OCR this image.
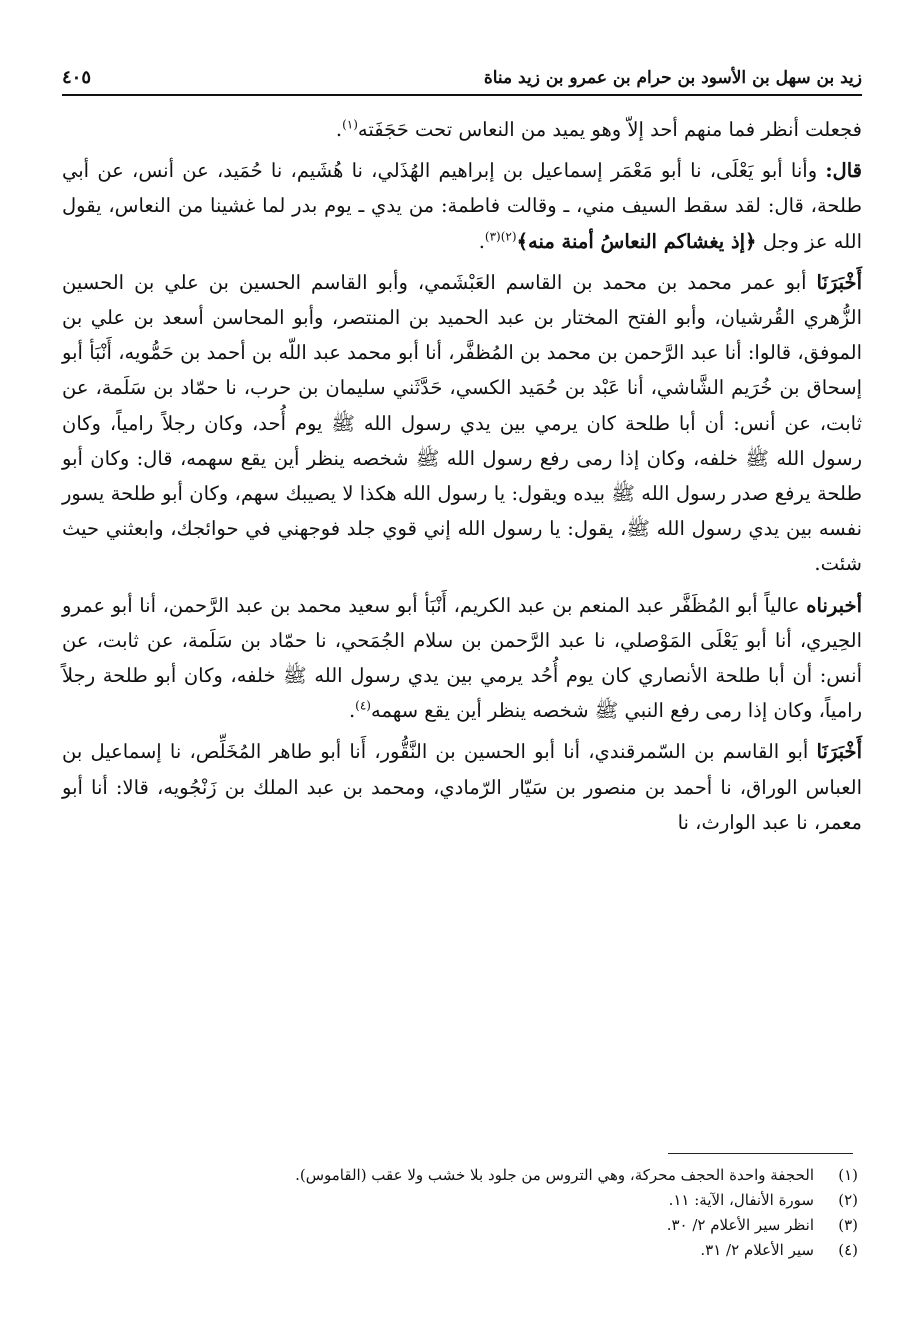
زيد بن سهل بن الأسود بن حرام بن عمرو بن زيد مناة
٤٠٥

فجعلت أنظر فما منهم أحد إلاّ وهو يميد من النعاس تحت حَجَفَته$^{(١)}$.

قال: وأنا أبو يَعْلَى، نا أبو مَعْمَر إسماعيل بن إبراهيم الهُذَلي، نا هُشَيم، نا حُمَيد، عن أنس، عن أبي طلحة، قال: لقد سقط السيف مني، ـ وقالت فاطمة: من يدي ـ يوم بدر لما غشينا من النعاس، يقول الله عز وجل ﴿إذ يغشاكم النعاسُ أمنة منه﴾$^{(٢)(٣)}$.

أَخْبَرَنَا أبو عمر محمد بن محمد بن القاسم العَبْشَمي، وأبو القاسم الحسين بن علي بن الحسين الزُّهري القُرشيان، وأبو الفتح المختار بن عبد الحميد بن المنتصر، وأبو المحاسن أسعد بن علي بن الموفق، قالوا: أنا عبد الرَّحمن بن محمد بن المُظفَّر، أنا أبو محمد عبد اللّه بن أحمد بن حَمُّويه، أَنْبَأ أبو إسحاق بن خُرَيم الشَّاشي، أنا عَبْد بن حُمَيد الكسي، حَدَّثَني سليمان بن حرب، نا حمّاد بن سَلَمة، عن ثابت، عن أنس: أن أبا طلحة كان يرمي بين يدي رسول الله ﷺ يوم أُحد، وكان رجلاً رامياً، وكان رسول الله ﷺ خلفه، وكان إذا رمى رفع رسول الله ﷺ شخصه ينظر أين يقع سهمه، قال: وكان أبو طلحة يرفع صدر رسول الله ﷺ بيده ويقول: يا رسول الله هكذا لا يصيبك سهم، وكان أبو طلحة يسور نفسه بين يدي رسول الله ﷺ، يقول: يا رسول الله إني قوي جلد فوجهني في حوائجك، وابعثني حيث شئت.

أخبرناه عالياً أبو المُظَفَّر عبد المنعم بن عبد الكريم، أَنْبَأ أبو سعيد محمد بن عبد الرَّحمن، أنا أبو عمرو الحِيري، أنا أبو يَعْلَى المَوْصلي، نا عبد الرَّحمن بن سلام الجُمَحي، نا حمّاد بن سَلَمة، عن ثابت، عن أنس: أن أبا طلحة الأنصاري كان يوم أُحُد يرمي بين يدي رسول الله ﷺ خلفه، وكان أبو طلحة رجلاً رامياً، وكان إذا رمى رفع النبي ﷺ شخصه ينظر أين يقع سهمه$^{(٤)}$.

أَخْبَرَنَا أبو القاسم بن السّمرقندي، أنا أبو الحسين بن النَّقُّور، أَنا أبو طاهر المُخَلِّص، نا إسماعيل بن العباس الوراق، نا أحمد بن منصور بن سَيّار الرّمادي، ومحمد بن عبد الملك بن زَنْجُويه، قالا: أنا أبو معمر، نا عبد الوارث، نا

(١)
الحجفة واحدة الحجف محركة، وهي التروس من جلود بلا خشب ولا عقب (القاموس).
(٢)
سورة الأنفال، الآية: ١١.
(٣)
انظر سير الأعلام ٢/ ٣٠.
(٤)
سير الأعلام ٢/ ٣١.
